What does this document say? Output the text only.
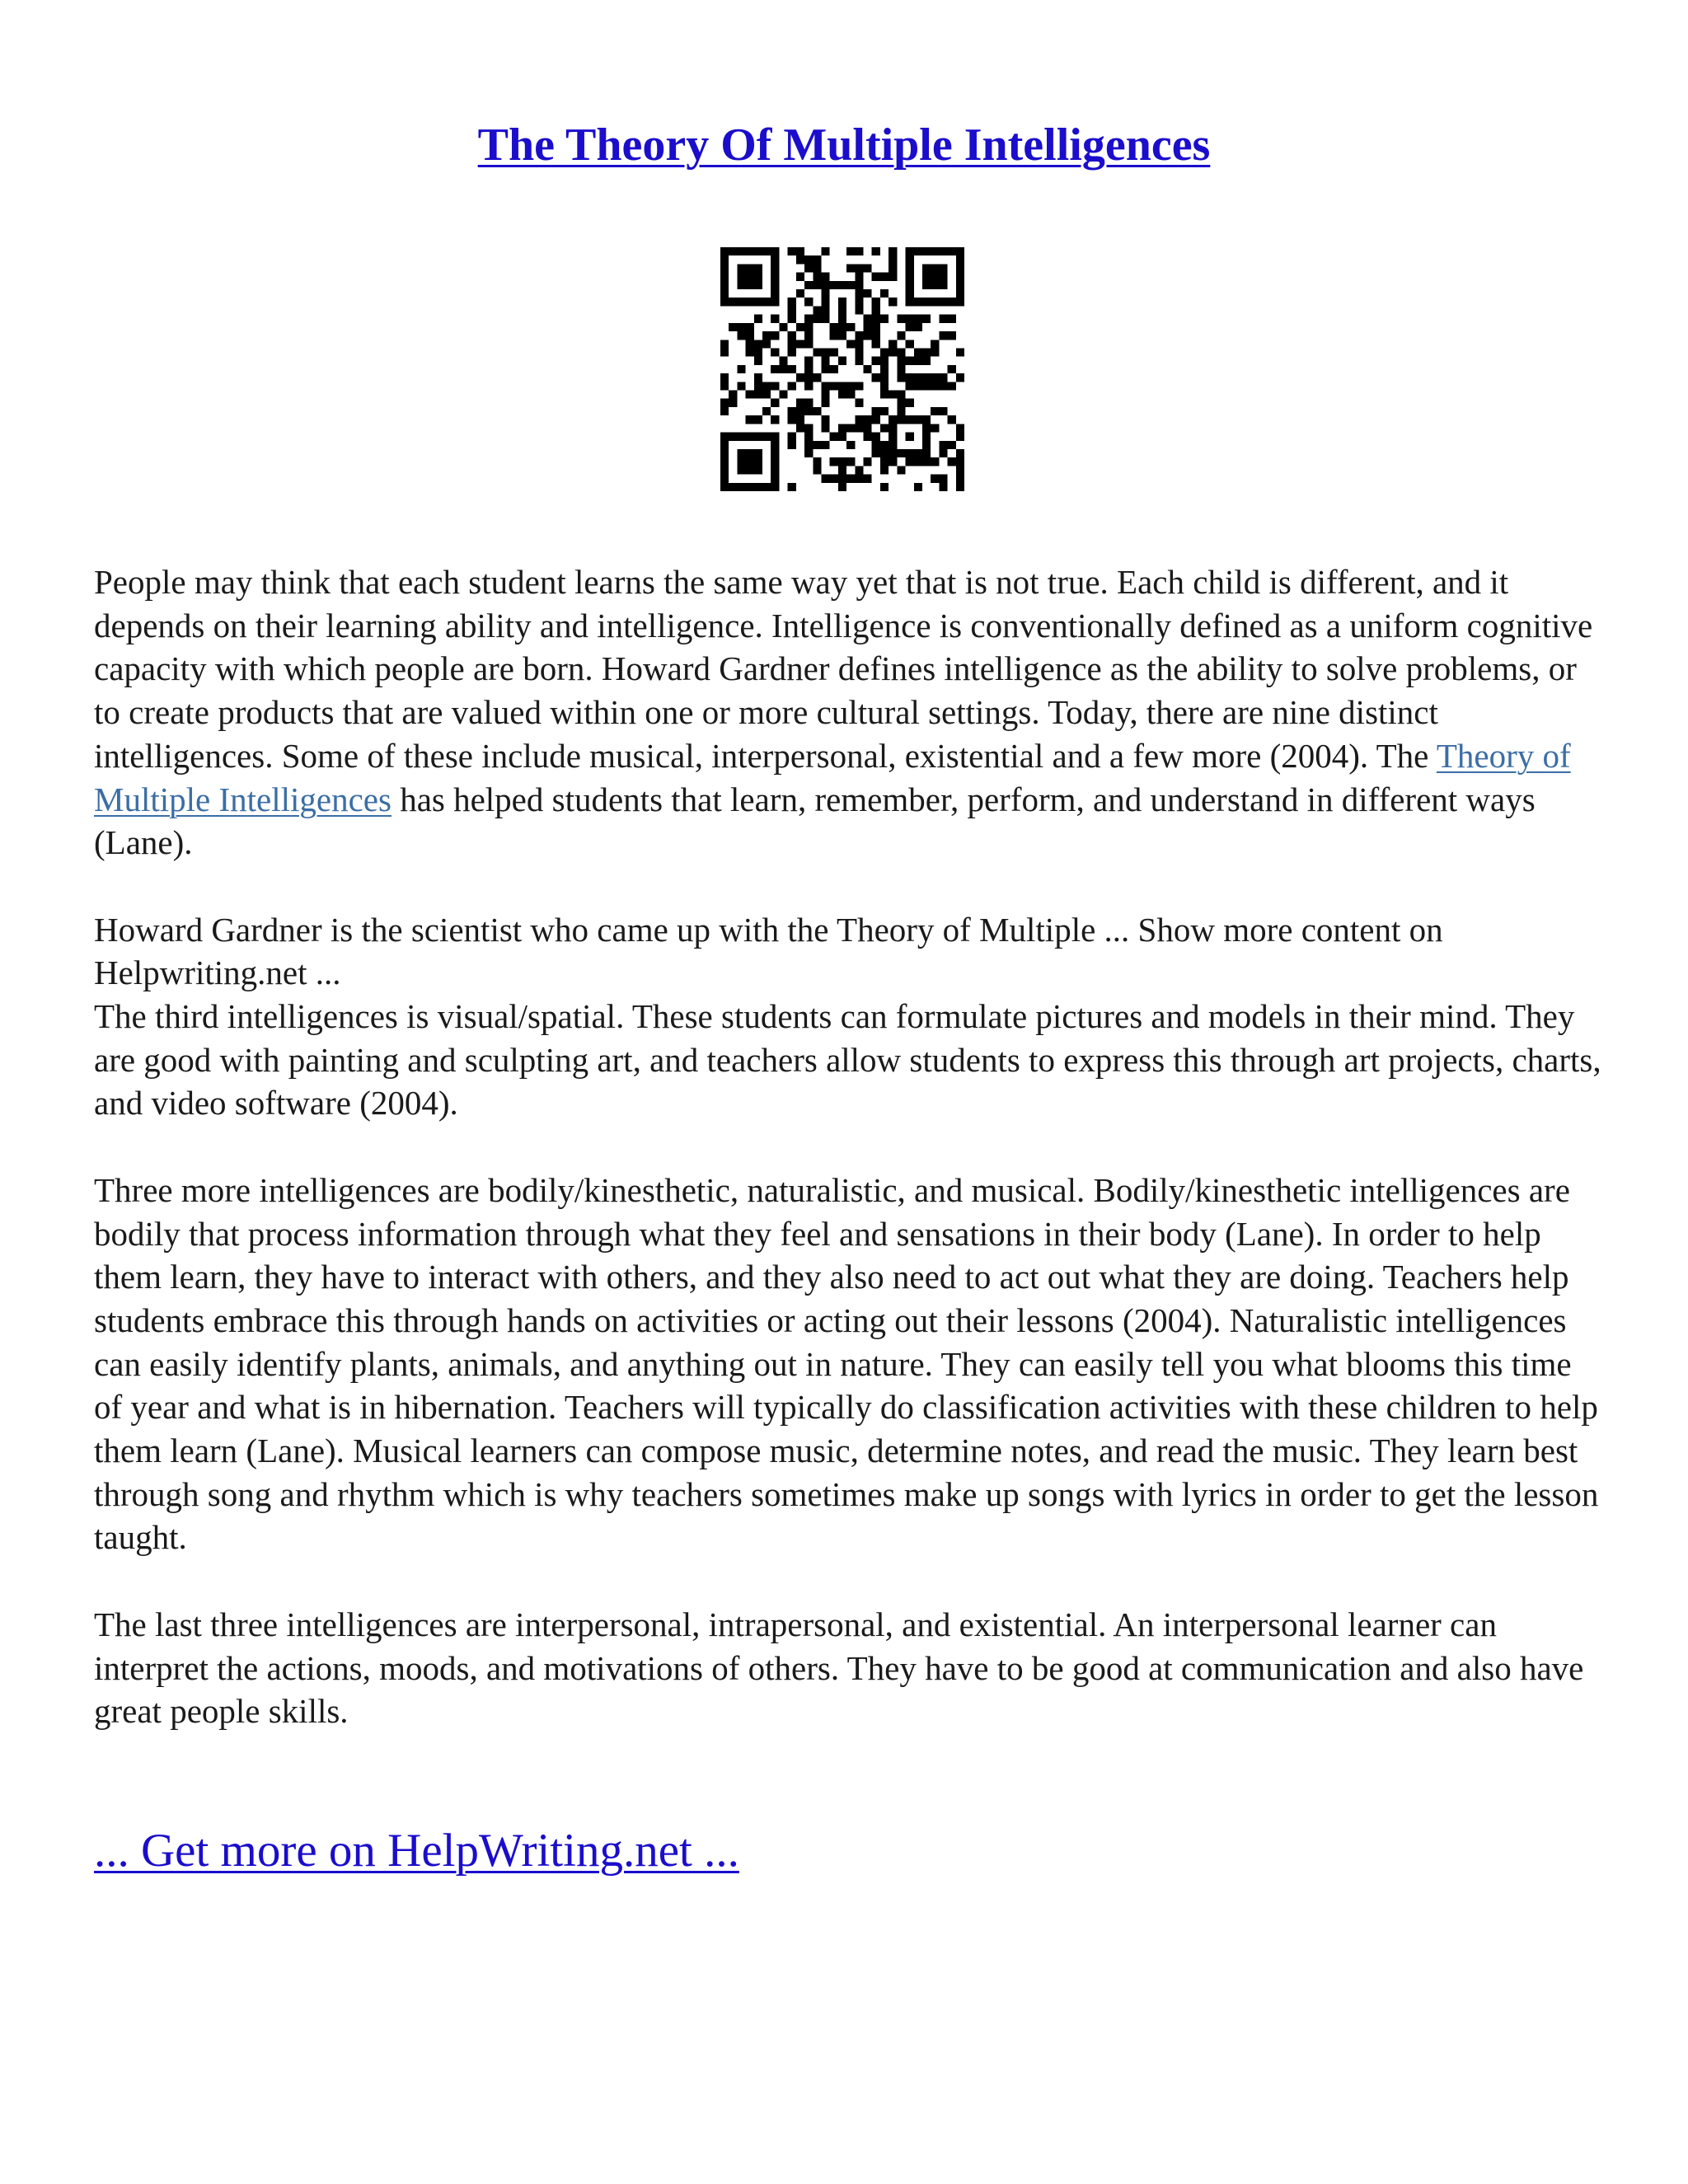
The Theory Of Multiple Intelligences

People may think that each student learns the same way yet that is not true. Each child is different, and it depends on their learning ability and intelligence. Intelligence is conventionally defined as a uniform cognitive capacity with which people are born. Howard Gardner defines intelligence as the ability to solve problems, or to create products that are valued within one or more cultural settings. Today, there are nine distinct intelligences. Some of these include musical, interpersonal, existential and a few more (2004). The Theory of Multiple Intelligences has helped students that learn, remember, perform, and understand in different ways (Lane).

Howard Gardner is the scientist who came up with the Theory of Multiple ... Show more content on Helpwriting.net ...

The third intelligences is visual/spatial. These students can formulate pictures and models in their mind. They are good with painting and sculpting art, and teachers allow students to express this through art projects, charts, and video software (2004).

Three more intelligences are bodily/kinesthetic, naturalistic, and musical. Bodily/kinesthetic intelligences are bodily that process information through what they feel and sensations in their body (Lane). In order to help them learn, they have to interact with others, and they also need to act out what they are doing. Teachers help students embrace this through hands on activities or acting out their lessons (2004). Naturalistic intelligences can easily identify plants, animals, and anything out in nature. They can easily tell you what blooms this time of year and what is in hibernation. Teachers will typically do classification activities with these children to help them learn (Lane). Musical learners can compose music, determine notes, and read the music. They learn best through song and rhythm which is why teachers sometimes make up songs with lyrics in order to get the lesson taught.

The last three intelligences are interpersonal, intrapersonal, and existential. An interpersonal learner can interpret the actions, moods, and motivations of others. They have to be good at communication and also have great people skills.

... Get more on HelpWriting.net ...
